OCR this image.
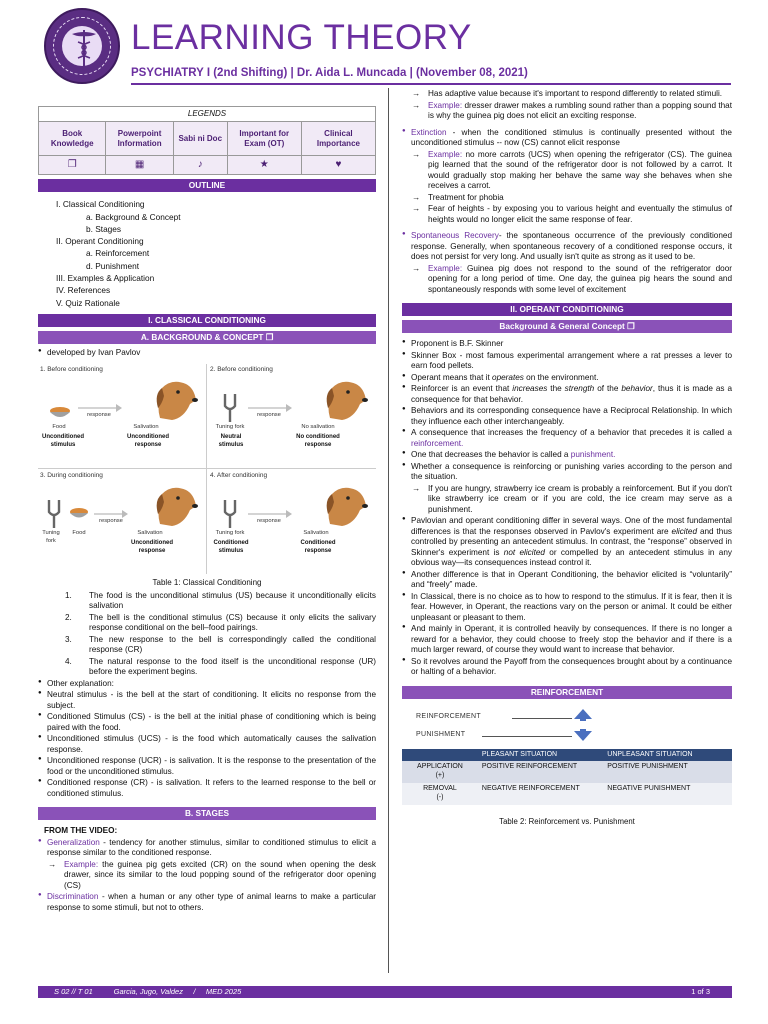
LEARNING THEORY
PSYCHIATRY I (2nd Shifting) | Dr. Aida L. Muncada | (November 08, 2021)
LEGENDS				
Book Knowledge	Powerpoint Information	Sabi ni Doc	Important for Exam (OT)	Clinical Importance
❐	▦	♪	★	♥
OUTLINE
I. Classical Conditioning
a. Background & Concept
b. Stages
II. Operant Conditioning
a. Reinforcement
d. Punishment
III. Examples & Application
IV. References
V. Quiz Rationale
I. CLASSICAL CONDITIONING
A. BACKGROUND & CONCEPT ❐
● developed by Ivan Pavlov
1. Before conditioning
Food
response
Salivation
Unconditioned stimulus
Unconditioned response
2. Before conditioning
Tuning fork
response
No salivation
Neutral stimulus
No conditioned response
3. During conditioning
Tuning fork
Food
response
Salivation
Unconditioned response
4. After conditioning
Tuning fork
response
Salivation
Conditioned stimulus
Conditioned response
Table 1: Classical Conditioning
1. The food is the unconditional stimulus (US) because it unconditionally elicits salivation
2. The bell is the conditional stimulus (CS) because it only elicits the salivary response conditional on the bell–food pairings.
3. The new response to the bell is correspondingly called the conditional response (CR)
4. The natural response to the food itself is the unconditional response (UR) before the experiment begins.
● Other explanation:
● Neutral stimulus - is the bell at the start of conditioning. It elicits no response from the subject.
● Conditioned Stimulus (CS) - is the bell at the initial phase of conditioning which is being paired with the food.
● Unconditioned stimulus (UCS) - is the food which automatically causes the salivation response.
● Unconditioned response (UCR) - is salivation. It is the response to the presentation of the food or the unconditioned stimulus.
● Conditioned response (CR) - is salivation. It refers to the learned response to the bell or conditioned stimulus.
B. STAGES
FROM THE VIDEO:
● Generalization - tendency for another stimulus, similar to conditioned stimulus to elicit a response similar to the conditioned response.
→ Example: the guinea pig gets excited (CR) on the sound when opening the desk drawer, since its similar to the loud popping sound of the refrigerator door opening (CS)
● Discrimination - when a human or any other type of animal learns to make a particular response to some stimuli, but not to others.
→ Has adaptive value because it's important to respond differently to related stimuli.
→ Example: dresser drawer makes a rumbling sound rather than a popping sound that is why the guinea pig does not elicit an exciting response.
● Extinction - when the conditioned stimulus is continually presented without the unconditioned stimulus -- now (CS) cannot elicit response
→ Example: no more carrots (UCS) when opening the refrigerator (CS). The guinea pig learned that the sound of the refrigerator door is not followed by a carrot. It would gradually stop making her behave the same way she behaves when she receives a carrot.
→ Treatment for phobia
→ Fear of heights - by exposing you to various height and eventually the stimulus of heights would no longer elicit the same response of fear.
● Spontaneous Recovery- the spontaneous occurrence of the previously conditioned response. Generally, when spontaneous recovery of a conditioned response occurs, it does not persist for very long. And usually isn't quite as strong as it used to be.
→ Example: Guinea pig does not respond to the sound of the refrigerator door opening for a long period of time. One day, the guinea pig hears the sound and spontaneously responds with some level of excitement
II. OPERANT CONDITIONING
Background & General Concept ❐
● Proponent is B.F. Skinner
● Skinner Box - most famous experimental arrangement where a rat presses a lever to earn food pellets.
● Operant means that it operates on the environment.
● Reinforcer is an event that increases the strength of the behavior, thus it is made as a consequence for that behavior.
● Behaviors and its corresponding consequence have a Reciprocal Relationship. In which they influence each other interchangeably.
● A consequence that increases the frequency of a behavior that precedes it is called a reinforcement.
● One that decreases the behavior is called a punishment.
● Whether a consequence is reinforcing or punishing varies according to the person and the situation.
→ If you are hungry, strawberry ice cream is probably a reinforcement. But if you don't like strawberry ice cream or if you are cold, the ice cream may serve as a punishment.
● Pavlovian and operant conditioning differ in several ways. One of the most fundamental differences is that the responses observed in Pavlov's experiment are elicited and thus controlled by presenting an antecedent stimulus. In contrast, the “response” observed in Skinner's experiment is not elicited or compelled by an antecedent stimulus in any obvious way—its consequences instead control it.
● Another difference is that in Operant Conditioning, the behavior elicited is “voluntarily” and “freely” made.
● In Classical, there is no choice as to how to respond to the stimulus. If it is fear, then it is fear. However, in Operant, the reactions vary on the person or animal. It could be either unpleasant or pleasant to them.
● And mainly in Operant, it is controlled heavily by consequences. If there is no longer a reward for a behavior, they could choose to freely stop the behavior and if there is a much larger reward, of course they would want to increase that behavior.
● So it revolves around the Payoff from the consequences brought about by a continuance or halting of a behavior.
REINFORCEMENT
REINFORCEMENT
PUNISHMENT
	PLEASANT SITUATION	UNPLEASANT SITUATION

APPLICATION
(+)	POSITIVE REINFORCEMENT	POSITIVE PUNISHMENT

REMOVAL
(-)	NEGATIVE REINFORCEMENT	NEGATIVE PUNISHMENT
Table 2: Reinforcement vs. Punishment
S 02 // T 01          Garcia, Jugo, Valdez     /     MED 2025	1 of 3
